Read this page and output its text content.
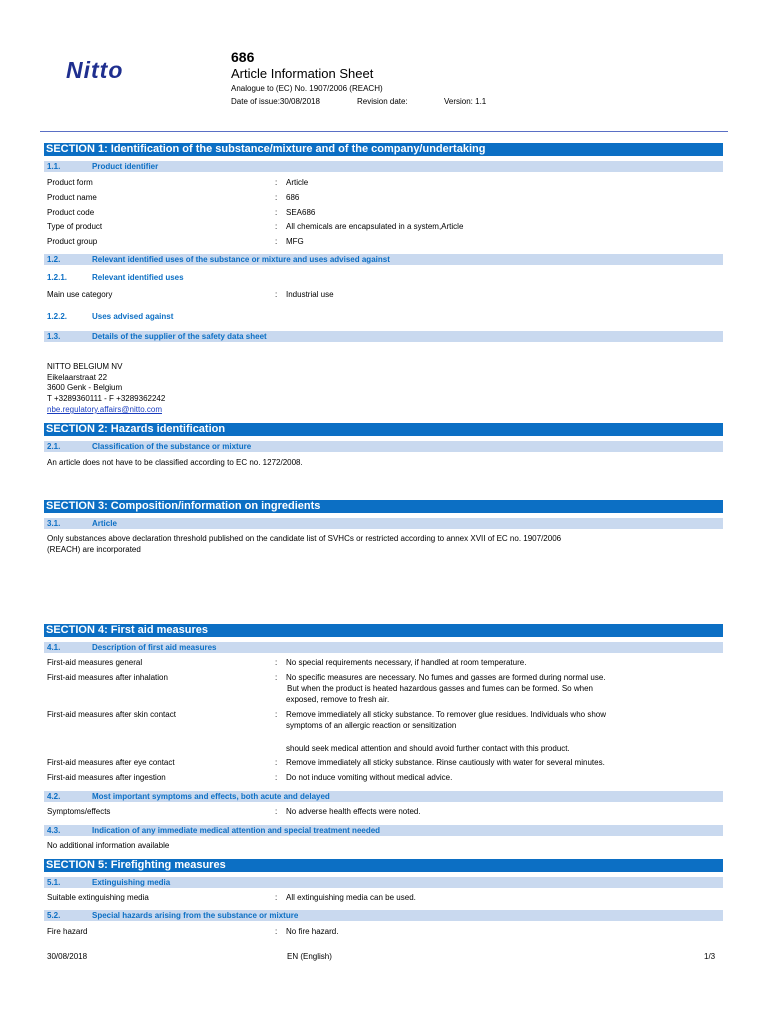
Nitto	686
Article Information Sheet
Analogue to (EC) No. 1907/2006 (REACH)
Date of issue:30/08/2018	Revision date:	Version: 1.1
SECTION 1: Identification of the substance/mixture and of the company/undertaking
1.1.	Product identifier
Product form	: Article
Product name	: 686
Product code	: SEA686
Type of product	: All chemicals are encapsulated in a system,Article
Product group	: MFG
1.2.	Relevant identified uses of the substance or mixture and uses advised against
1.2.1.	Relevant identified uses
Main use category	: Industrial use
1.2.2.	Uses advised against
1.3.	Details of the supplier of the safety data sheet
NITTO BELGIUM NV
Eikelaarstraat 22
3600 Genk - Belgium
T +3289360111 - F +3289362242
nbe.regulatory.affairs@nitto.com
SECTION 2: Hazards identification
2.1.	Classification of the substance or mixture
An article does not have to be classified according to EC no. 1272/2008.
SECTION 3: Composition/information on ingredients
3.1.	Article
Only substances above declaration threshold published on the candidate list of SVHCs or restricted according to annex XVII of EC no. 1907/2006
(REACH) are incorporated
SECTION 4: First aid measures
4.1.	Description of first aid measures
First-aid measures general	: No special requirements necessary, if handled at room temperature.
First-aid measures after inhalation	: No specific measures are necessary. No fumes and gasses are formed during normal use.
But when the product is heated hazardous gasses and fumes can be formed. So when
exposed, remove to fresh air.
First-aid measures after skin contact	: Remove immediately all sticky substance. To remover glue residues. Individuals who show
symptoms of an allergic reaction or sensitization
should seek medical attention and should avoid further contact with this product.
First-aid measures after eye contact	: Remove immediately all sticky substance. Rinse cautiously with water for several minutes.
First-aid measures after ingestion	: Do not induce vomiting without medical advice.
4.2.	Most important symptoms and effects, both acute and delayed
Symptoms/effects	: No adverse health effects were noted.
4.3.	Indication of any immediate medical attention and special treatment needed
No additional information available
SECTION 5: Firefighting measures
5.1.	Extinguishing media
Suitable extinguishing media	: All extinguishing media can be used.
5.2.	Special hazards arising from the substance or mixture
Fire hazard	: No fire hazard.
30/08/2018	EN (English)	1/3
